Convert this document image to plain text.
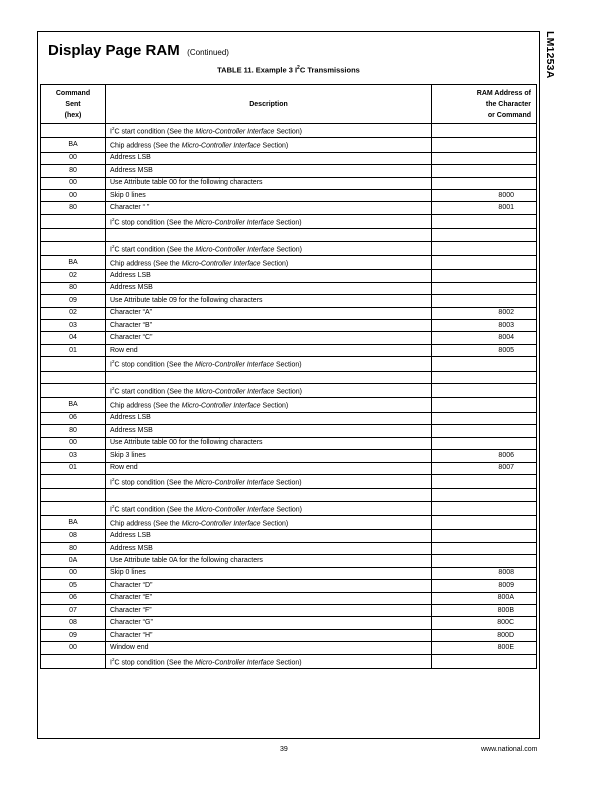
LM1253A
Display Page RAM (Continued)
TABLE 11. Example 3 $I^2C$ Transmissions
Command
Sent
(hex)	Description	RAM Address of
the Character
or Command
	$I^2C$ start condition (See the Micro-Controller Interface Section)	
BA	Chip address (See the Micro-Controller Interface Section)	
00	Address LSB	
80	Address MSB	
00	Use Attribute table 00 for the following characters	
00	Skip 0 lines	8000
80	Character “ ”	8001
	$I^2C$ stop condition (See the Micro-Controller Interface Section)	

	$I^2C$ start condition (See the Micro-Controller Interface Section)	
BA	Chip address (See the Micro-Controller Interface Section)	
02	Address LSB	
80	Address MSB	
09	Use Attribute table 09 for the following characters	
02	Character “A”	8002
03	Character “B”	8003
04	Character “C”	8004
01	Row end	8005
	$I^2C$ stop condition (See the Micro-Controller Interface Section)	

	$I^2C$ start condition (See the Micro-Controller Interface Section)	
BA	Chip address (See the Micro-Controller Interface Section)	
06	Address LSB	
80	Address MSB	
00	Use Attribute table 00 for the following characters	
03	Skip 3 lines	8006
01	Row end	8007
	$I^2C$ stop condition (See the Micro-Controller Interface Section)	

	$I^2C$ start condition (See the Micro-Controller Interface Section)	
BA	Chip address (See the Micro-Controller Interface Section)	
08	Address LSB	
80	Address MSB	
0A	Use Attribute table 0A for the following characters	
00	Skip 0 lines	8008
05	Character “D”	8009
06	Character “E”	800A
07	Character “F”	800B
08	Character “G”	800C
09	Character “H”	800D
00	Window end	800E
	$I^2C$ stop condition (See the Micro-Controller Interface Section)	
39	www.national.com
